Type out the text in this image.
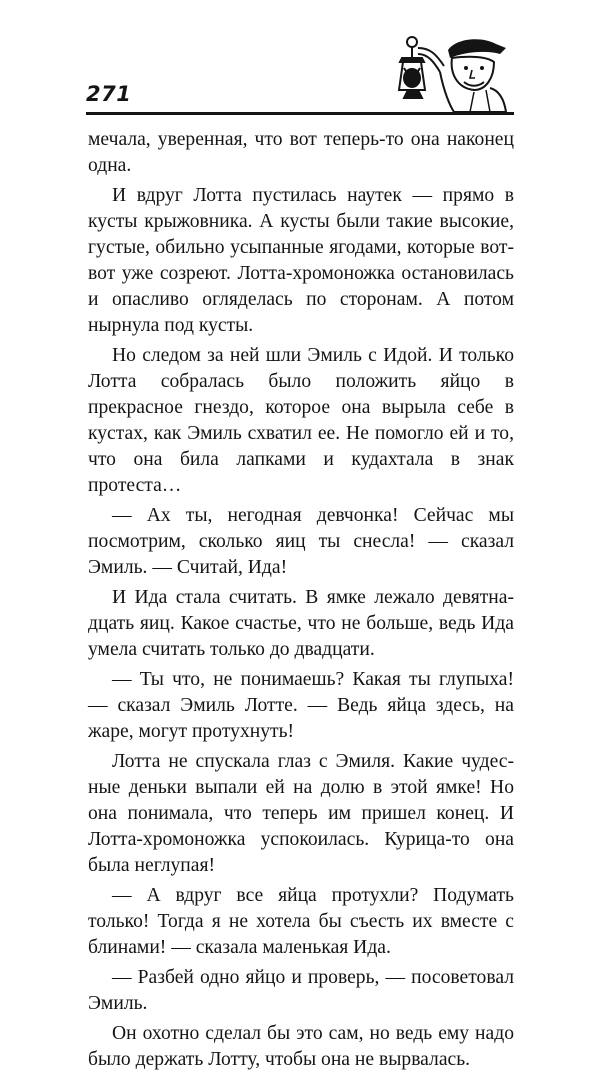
271

мечала, уверенная, что вот теперь-то она наконец одна.

И вдруг Лотта пустилась наутек — прямо в кусты крыжовника. А кусты были такие высокие, густые, обильно усыпанные ягодами, которые вот-вот уже созреют. Лотта-хромоножка остановилась и опасливо огляделась по сторонам. А потом нырнула под кусты.

Но следом за ней шли Эмиль с Идой. И только Лотта собралась было положить яйцо в прекрасное гнездо, которое она вырыла себе в кустах, как Эмиль схватил ее. Не помогло ей и то, что она била лапками и кудахтала в знак протеста…

— Ах ты, негодная девчонка! Сейчас мы посмотрим, сколько яиц ты снесла! — сказал Эмиль. — Считай, Ида!

И Ида стала считать. В ямке лежало девятнадцать яиц. Какое счастье, что не больше, ведь Ида умела считать только до двадцати.

— Ты что, не понимаешь? Какая ты глупыха! — сказал Эмиль Лотте. — Ведь яйца здесь, на жаре, могут протухнуть!

Лотта не спускала глаз с Эмиля. Какие чудесные деньки выпали ей на долю в этой ямке! Но она понимала, что теперь им пришел конец. И Лотта-хромоножка успокоилась. Курица-то она была неглупая!

— А вдруг все яйца протухли? Подумать только! Тогда я не хотела бы съесть их вместе с блинами! — сказала маленькая Ида.

— Разбей одно яйцо и проверь, — посоветовал Эмиль.

Он охотно сделал бы это сам, но ведь ему надо было держать Лотту, чтобы она не вырвалась.
